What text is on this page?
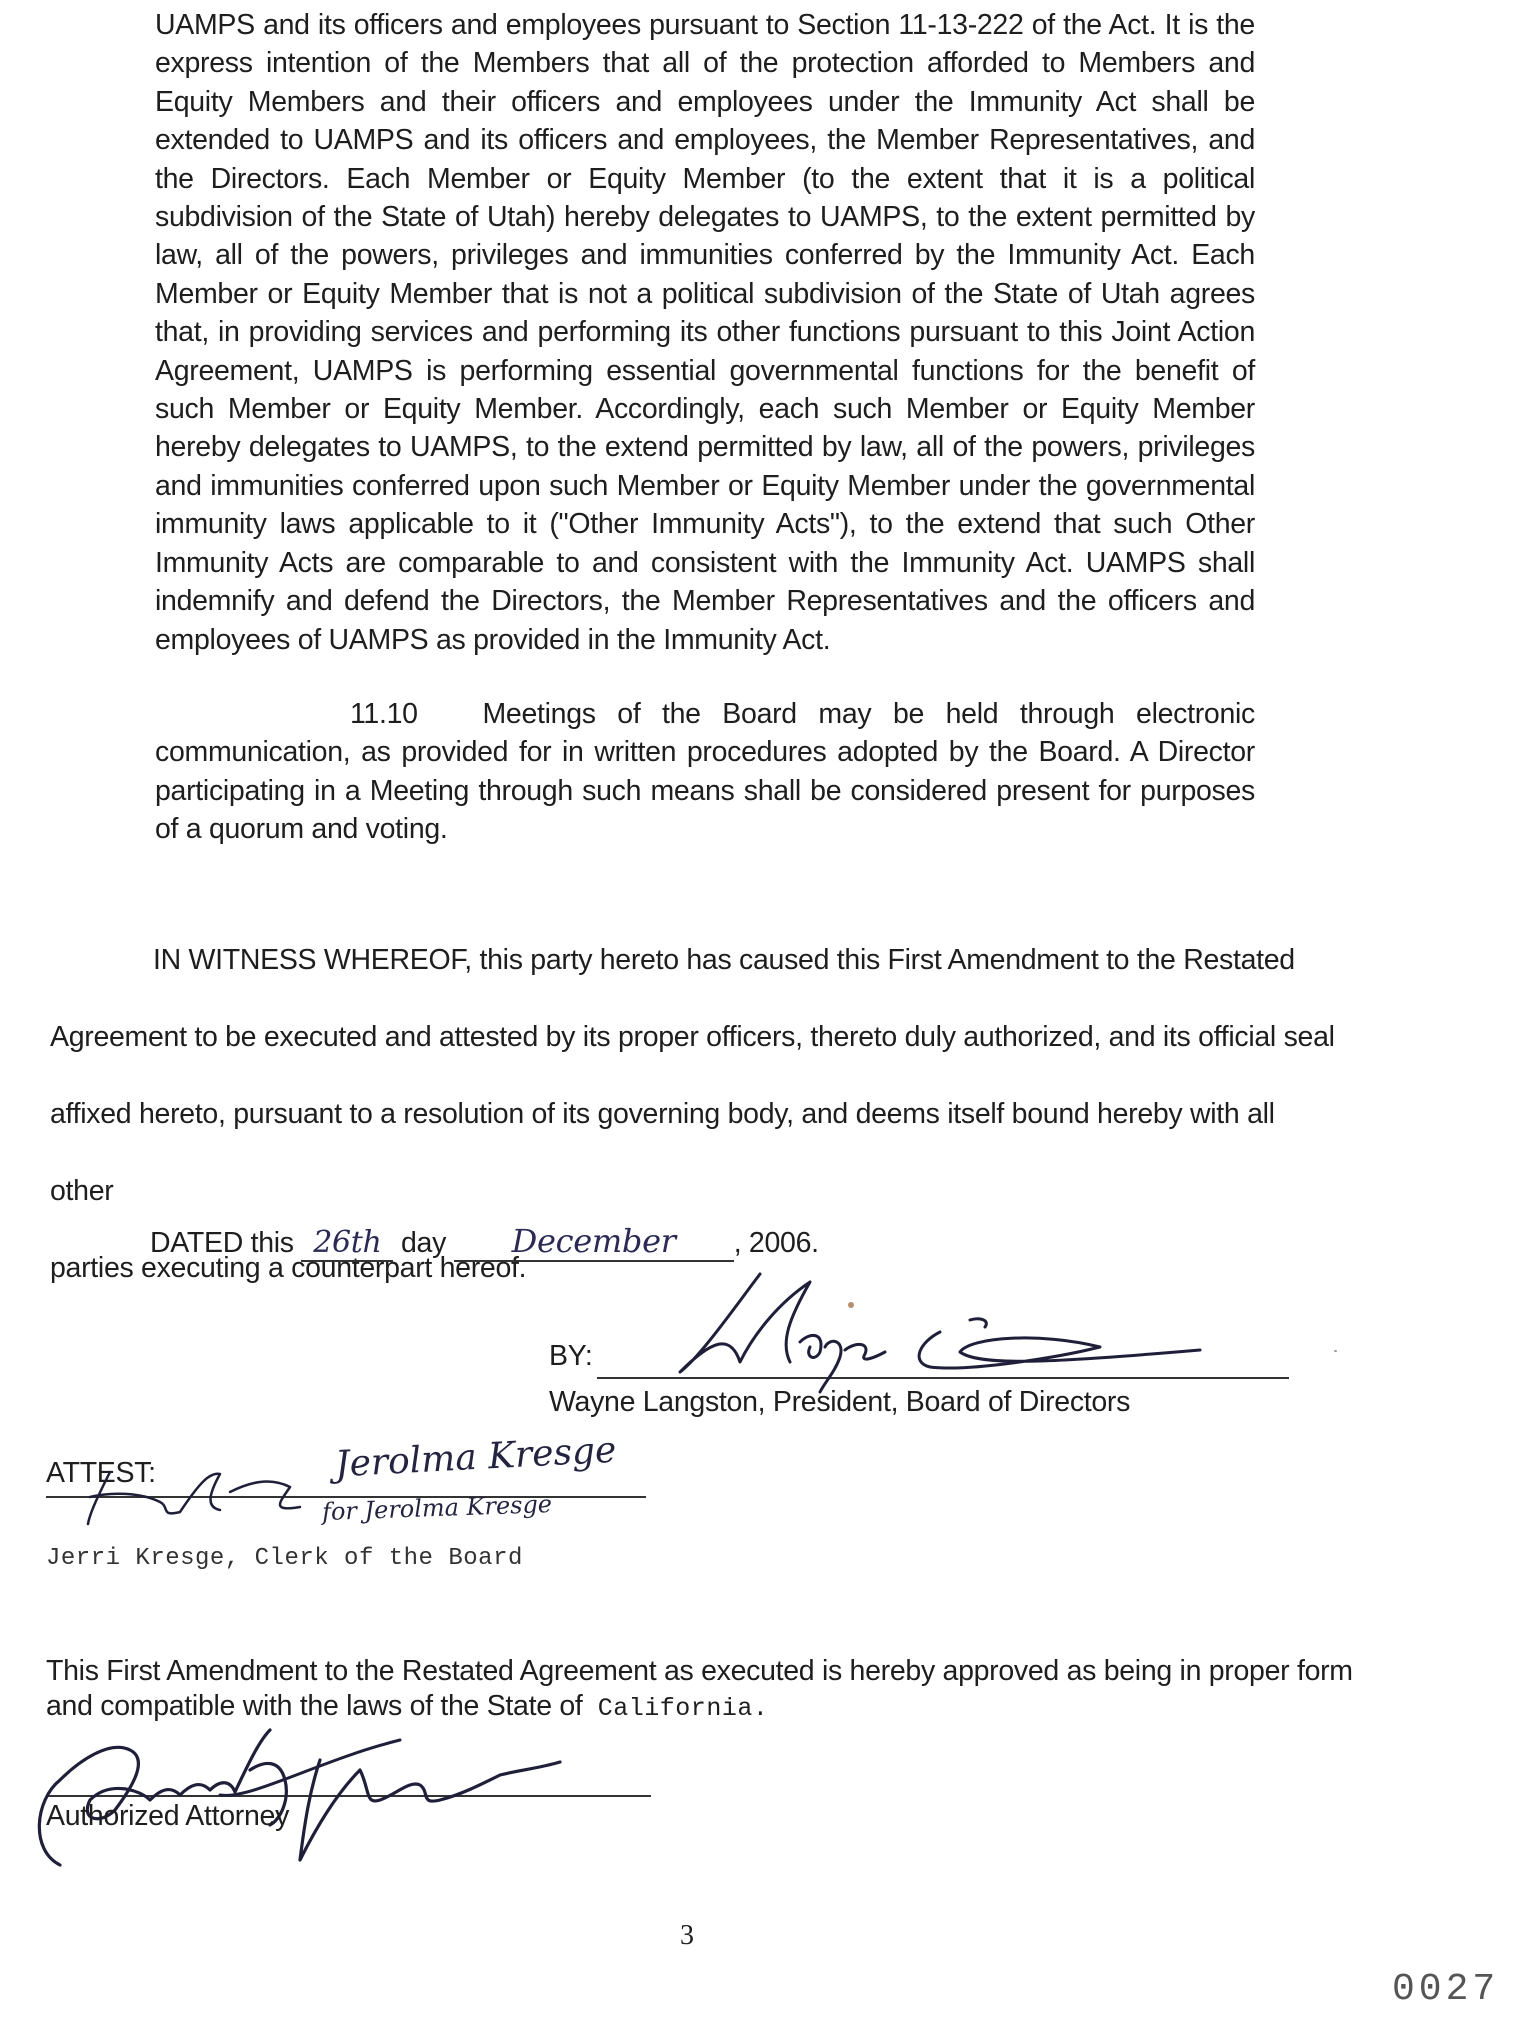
UAMPS and its officers and employees pursuant to Section 11-13-222 of the Act. It is the express intention of the Members that all of the protection afforded to Members and Equity Members and their officers and employees under the Immunity Act shall be extended to UAMPS and its officers and employees, the Member Representatives, and the Directors. Each Member or Equity Member (to the extent that it is a political subdivision of the State of Utah) hereby delegates to UAMPS, to the extent permitted by law, all of the powers, privileges and immunities conferred by the Immunity Act. Each Member or Equity Member that is not a political subdivision of the State of Utah agrees that, in providing services and performing its other functions pursuant to this Joint Action Agreement, UAMPS is performing essential governmental functions for the benefit of such Member or Equity Member. Accordingly, each such Member or Equity Member hereby delegates to UAMPS, to the extend permitted by law, all of the powers, privileges and immunities conferred upon such Member or Equity Member under the governmental immunity laws applicable to it ("Other Immunity Acts"), to the extend that such Other Immunity Acts are comparable to and consistent with the Immunity Act. UAMPS shall indemnify and defend the Directors, the Member Representatives and the officers and employees of UAMPS as provided in the Immunity Act.
11.10 Meetings of the Board may be held through electronic communication, as provided for in written procedures adopted by the Board. A Director participating in a Meeting through such means shall be considered present for purposes of a quorum and voting.
IN WITNESS WHEREOF, this party hereto has caused this First Amendment to the Restated
Agreement to be executed and attested by its proper officers, thereto duly authorized, and its official seal
affixed hereto, pursuant to a resolution of its governing body, and deems itself bound hereby with all other
parties executing a counterpart hereof.
DATED this 26th day December , 2006.
BY:
Wayne Langston, President, Board of Directors
ATTEST:	Jerolma Kresge
for Jerolma Kresge
Jerri Kresge, Clerk of the Board
This First Amendment to the Restated Agreement as executed is hereby approved as being in proper form
and compatible with the laws of the State of California.
Authorized Attorney
3
0027
